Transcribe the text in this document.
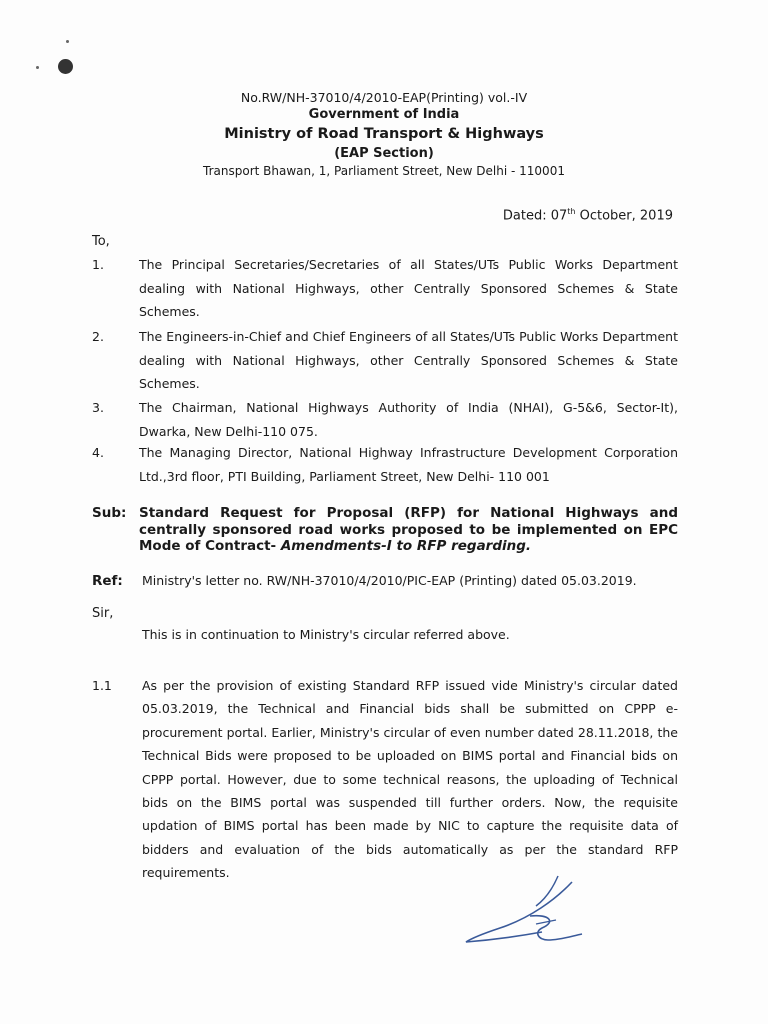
No.RW/NH-37010/4/2010-EAP(Printing) vol.-IV
Government of India
Ministry of Road Transport & Highways
(EAP Section)
Transport Bhawan, 1, Parliament Street, New Delhi - 110001
Dated: 07th October, 2019
To,
1.	The Principal Secretaries/Secretaries of all States/UTs Public Works Department dealing with National Highways, other Centrally Sponsored Schemes & State Schemes.
2.	The Engineers-in-Chief and Chief Engineers of all States/UTs Public Works Department dealing with National Highways, other Centrally Sponsored Schemes & State Schemes.
3.	The Chairman, National Highways Authority of India (NHAI), G-5&6, Sector-It), Dwarka, New Delhi-110 075.
4.	The Managing Director, National Highway Infrastructure Development Corporation Ltd.,3rd floor, PTI Building, Parliament Street, New Delhi- 110 001
Sub: Standard Request for Proposal (RFP) for National Highways and centrally sponsored road works proposed to be implemented on EPC Mode of Contract- Amendments-I to RFP regarding.
Ref: Ministry's letter no. RW/NH-37010/4/2010/PIC-EAP (Printing) dated 05.03.2019.
Sir,
This is in continuation to Ministry's circular referred above.
1.1 As per the provision of existing Standard RFP issued vide Ministry's circular dated 05.03.2019, the Technical and Financial bids shall be submitted on CPPP e-procurement portal. Earlier, Ministry's circular of even number dated 28.11.2018, the Technical Bids were proposed to be uploaded on BIMS portal and Financial bids on CPPP portal. However, due to some technical reasons, the uploading of Technical bids on the BIMS portal was suspended till further orders. Now, the requisite updation of BIMS portal has been made by NIC to capture the requisite data of bidders and evaluation of the bids automatically as per the standard RFP requirements.
